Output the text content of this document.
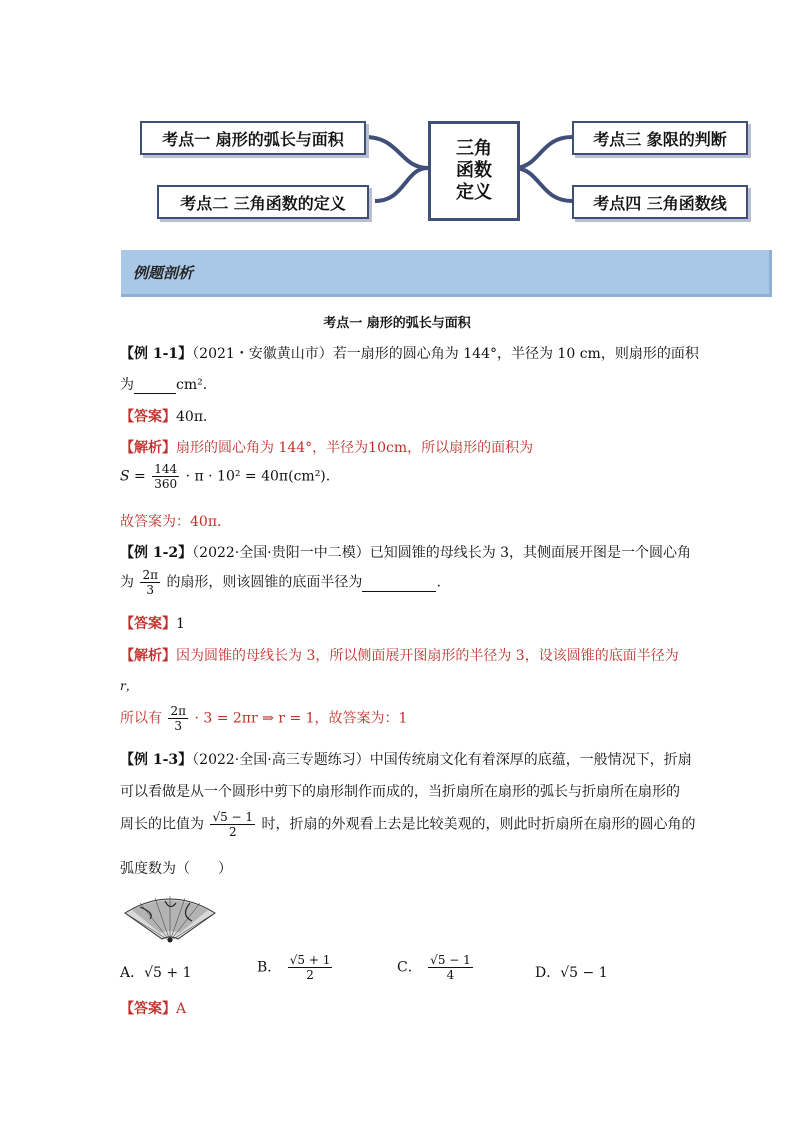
考点一 扇形的弧长与面积
考点二 三角函数的定义
三角
函数
定义
考点三 象限的判断
考点四 三角函数线
例题剖析
考点一 扇形的弧长与面积
【例 1-1】（2021・安徽黄山市）若一扇形的圆心角为 144°，半径为 10 cm，则扇形的面积
为	cm².
【答案】40π．
【解析】扇形的圆心角为 144°，半径为10cm，所以扇形的面积为
$S = \frac{144}{360} \cdot \pi \cdot 10^2 = 40\pi(cm^2)$.
故答案为：40π．
【例 1-2】（2022·全国·贵阳一中二模）已知圆锥的母线长为 3，其侧面展开图是一个圆心角
为 $\frac{2\pi}{3}$ 的扇形，则该圆锥的底面半径为	.
【答案】1
【解析】因为圆锥的母线长为 3，所以侧面展开图扇形的半径为 3，设该圆锥的底面半径为
r，
所以有 $\frac{2\pi}{3} \cdot 3 = 2\pi r$ ⇒ r = 1，故答案为：1
【例 1-3】（2022·全国·高三专题练习）中国传统扇文化有着深厚的底蕴，一般情况下，折扇
可以看做是从一个圆形中剪下的扇形制作而成的，当折扇所在扇形的弧长与折扇所在扇形的
周长的比值为 $\frac{√5 - 1}{2}$ 时，折扇的外观看上去是比较美观的，则此时折扇所在扇形的圆心角的
弧度数为（　　）
A．√5 + 1	B． $\frac{√5 + 1}{2}$	C． $\frac{√5 - 1}{4}$	D．√5 − 1
【答案】A
